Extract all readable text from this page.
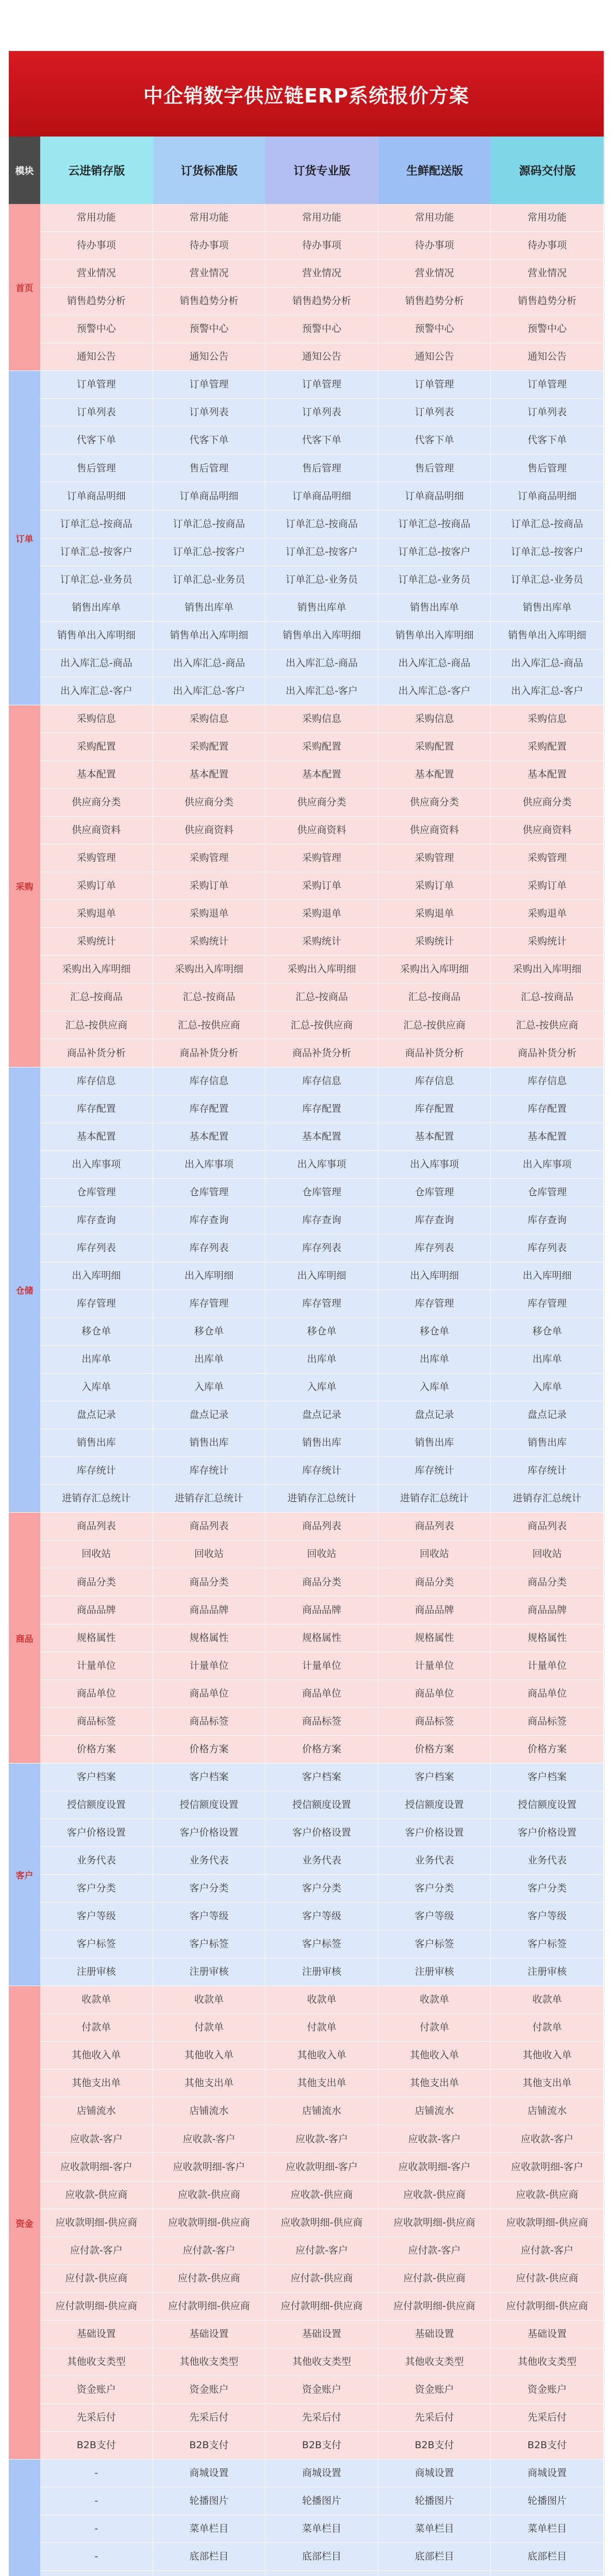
中企销数字供应链ERP系统报价方案
模块	云进销存版	订货标准版	订货专业版	生鲜配送版	源码交付版
首页
常用功能	常用功能	常用功能	常用功能	常用功能
待办事项	待办事项	待办事项	待办事项	待办事项
营业情况	营业情况	营业情况	营业情况	营业情况
销售趋势分析	销售趋势分析	销售趋势分析	销售趋势分析	销售趋势分析
预警中心	预警中心	预警中心	预警中心	预警中心
通知公告	通知公告	通知公告	通知公告	通知公告
订单
订单管理	订单管理	订单管理	订单管理	订单管理
订单列表	订单列表	订单列表	订单列表	订单列表
代客下单	代客下单	代客下单	代客下单	代客下单
售后管理	售后管理	售后管理	售后管理	售后管理
订单商品明细	订单商品明细	订单商品明细	订单商品明细	订单商品明细
订单汇总-按商品	订单汇总-按商品	订单汇总-按商品	订单汇总-按商品	订单汇总-按商品
订单汇总-按客户	订单汇总-按客户	订单汇总-按客户	订单汇总-按客户	订单汇总-按客户
订单汇总-业务员	订单汇总-业务员	订单汇总-业务员	订单汇总-业务员	订单汇总-业务员
销售出库单	销售出库单	销售出库单	销售出库单	销售出库单
销售单出入库明细	销售单出入库明细	销售单出入库明细	销售单出入库明细	销售单出入库明细
出入库汇总-商品	出入库汇总-商品	出入库汇总-商品	出入库汇总-商品	出入库汇总-商品
出入库汇总-客户	出入库汇总-客户	出入库汇总-客户	出入库汇总-客户	出入库汇总-客户
采购
采购信息	采购信息	采购信息	采购信息	采购信息
采购配置	采购配置	采购配置	采购配置	采购配置
基本配置	基本配置	基本配置	基本配置	基本配置
供应商分类	供应商分类	供应商分类	供应商分类	供应商分类
供应商资料	供应商资料	供应商资料	供应商资料	供应商资料
采购管理	采购管理	采购管理	采购管理	采购管理
采购订单	采购订单	采购订单	采购订单	采购订单
采购退单	采购退单	采购退单	采购退单	采购退单
采购统计	采购统计	采购统计	采购统计	采购统计
采购出入库明细	采购出入库明细	采购出入库明细	采购出入库明细	采购出入库明细
汇总-按商品	汇总-按商品	汇总-按商品	汇总-按商品	汇总-按商品
汇总-按供应商	汇总-按供应商	汇总-按供应商	汇总-按供应商	汇总-按供应商
商品补货分析	商品补货分析	商品补货分析	商品补货分析	商品补货分析
仓储
库存信息	库存信息	库存信息	库存信息	库存信息
库存配置	库存配置	库存配置	库存配置	库存配置
基本配置	基本配置	基本配置	基本配置	基本配置
出入库事项	出入库事项	出入库事项	出入库事项	出入库事项
仓库管理	仓库管理	仓库管理	仓库管理	仓库管理
库存查询	库存查询	库存查询	库存查询	库存查询
库存列表	库存列表	库存列表	库存列表	库存列表
出入库明细	出入库明细	出入库明细	出入库明细	出入库明细
库存管理	库存管理	库存管理	库存管理	库存管理
移仓单	移仓单	移仓单	移仓单	移仓单
出库单	出库单	出库单	出库单	出库单
入库单	入库单	入库单	入库单	入库单
盘点记录	盘点记录	盘点记录	盘点记录	盘点记录
销售出库	销售出库	销售出库	销售出库	销售出库
库存统计	库存统计	库存统计	库存统计	库存统计
进销存汇总统计	进销存汇总统计	进销存汇总统计	进销存汇总统计	进销存汇总统计
商品
商品列表	商品列表	商品列表	商品列表	商品列表
回收站	回收站	回收站	回收站	回收站
商品分类	商品分类	商品分类	商品分类	商品分类
商品品牌	商品品牌	商品品牌	商品品牌	商品品牌
规格属性	规格属性	规格属性	规格属性	规格属性
计量单位	计量单位	计量单位	计量单位	计量单位
商品单位	商品单位	商品单位	商品单位	商品单位
商品标签	商品标签	商品标签	商品标签	商品标签
价格方案	价格方案	价格方案	价格方案	价格方案
客户
客户档案	客户档案	客户档案	客户档案	客户档案
授信额度设置	授信额度设置	授信额度设置	授信额度设置	授信额度设置
客户价格设置	客户价格设置	客户价格设置	客户价格设置	客户价格设置
业务代表	业务代表	业务代表	业务代表	业务代表
客户分类	客户分类	客户分类	客户分类	客户分类
客户等级	客户等级	客户等级	客户等级	客户等级
客户标签	客户标签	客户标签	客户标签	客户标签
注册审核	注册审核	注册审核	注册审核	注册审核
资金
收款单	收款单	收款单	收款单	收款单
付款单	付款单	付款单	付款单	付款单
其他收入单	其他收入单	其他收入单	其他收入单	其他收入单
其他支出单	其他支出单	其他支出单	其他支出单	其他支出单
店铺流水	店铺流水	店铺流水	店铺流水	店铺流水
应收款-客户	应收款-客户	应收款-客户	应收款-客户	应收款-客户
应收款明细-客户	应收款明细-客户	应收款明细-客户	应收款明细-客户	应收款明细-客户
应收款-供应商	应收款-供应商	应收款-供应商	应收款-供应商	应收款-供应商
应收款明细-供应商	应收款明细-供应商	应收款明细-供应商	应收款明细-供应商	应收款明细-供应商
应付款-客户	应付款-客户	应付款-客户	应付款-客户	应付款-客户
应付款-供应商	应付款-供应商	应付款-供应商	应付款-供应商	应付款-供应商
应付款明细-供应商	应付款明细-供应商	应付款明细-供应商	应付款明细-供应商	应付款明细-供应商
基础设置	基础设置	基础设置	基础设置	基础设置
其他收支类型	其他收支类型	其他收支类型	其他收支类型	其他收支类型
资金账户	资金账户	资金账户	资金账户	资金账户
先采后付	先采后付	先采后付	先采后付	先采后付
B2B支付	B2B支付	B2B支付	B2B支付	B2B支付
-	商城设置	商城设置	商城设置	商城设置
-	轮播图片	轮播图片	轮播图片	轮播图片
-	菜单栏目	菜单栏目	菜单栏目	菜单栏目
-	底部栏目	底部栏目	底部栏目	底部栏目
